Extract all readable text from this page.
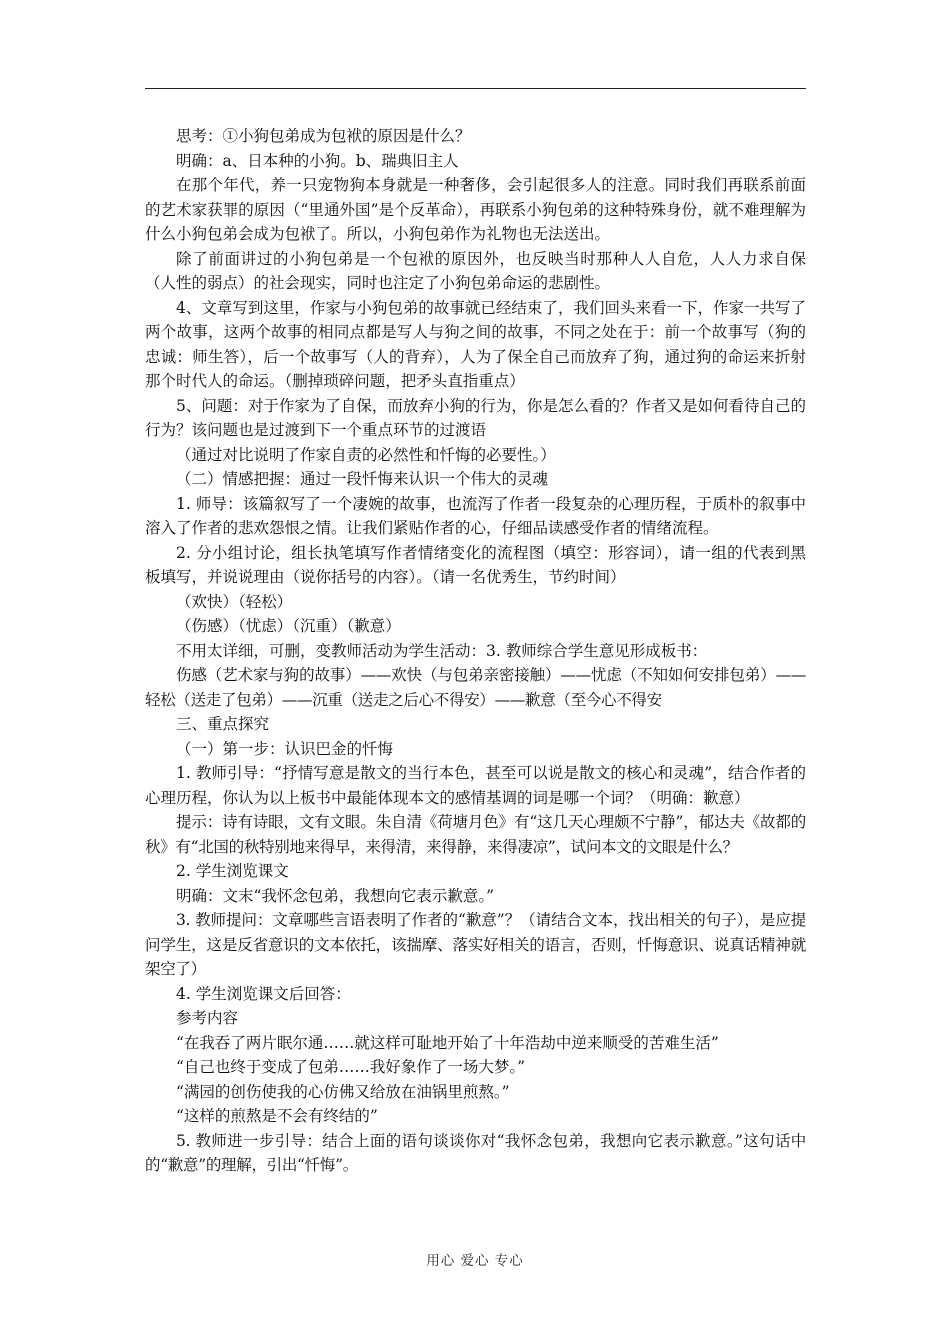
思考：①小狗包弟成为包袱的原因是什么？

明确：a、日本种的小狗。b、瑞典旧主人

在那个年代，养一只宠物狗本身就是一种奢侈，会引起很多人的注意。同时我们再联系前面的艺术家获罪的原因（“里通外国”是个反革命），再联系小狗包弟的这种特殊身份，就不难理解为什么小狗包弟会成为包袱了。所以，小狗包弟作为礼物也无法送出。

除了前面讲过的小狗包弟是一个包袱的原因外，也反映当时那种人人自危，人人力求自保（人性的弱点）的社会现实，同时也注定了小狗包弟命运的悲剧性。

4、文章写到这里，作家与小狗包弟的故事就已经结束了，我们回头来看一下，作家一共写了两个故事，这两个故事的相同点都是写人与狗之间的故事，不同之处在于：前一个故事写（狗的忠诚：师生答），后一个故事写（人的背弃），人为了保全自己而放弃了狗，通过狗的命运来折射那个时代人的命运。（删掉琐碎问题，把矛头直指重点）

5、问题：对于作家为了自保，而放弃小狗的行为，你是怎么看的？作者又是如何看待自己的行为？该问题也是过渡到下一个重点环节的过渡语

（通过对比说明了作家自责的必然性和忏悔的必要性。）

（二）情感把握：通过一段忏悔来认识一个伟大的灵魂

1. 师导：该篇叙写了一个凄婉的故事，也流泻了作者一段复杂的心理历程，于质朴的叙事中溶入了作者的悲欢怨恨之情。让我们紧贴作者的心，仔细品读感受作者的情绪流程。

2. 分小组讨论，组长执笔填写作者情绪变化的流程图（填空：形容词），请一组的代表到黑板填写，并说说理由（说你括号的内容）。（请一名优秀生，节约时间）

（欢快）（轻松）

（伤感）（忧虑）（沉重）（歉意）

不用太详细，可删，变教师活动为学生活动：3. 教师综合学生意见形成板书：

伤感（艺术家与狗的故事）——欢快（与包弟亲密接触）——忧虑（不知如何安排包弟）——轻松（送走了包弟）——沉重（送走之后心不得安）——歉意（至今心不得安

三、重点探究

（一）第一步：认识巴金的忏悔

1. 教师引导：“抒情写意是散文的当行本色，甚至可以说是散文的核心和灵魂”，结合作者的心理历程，你认为以上板书中最能体现本文的感情基调的词是哪一个词？（明确：歉意）

提示：诗有诗眼，文有文眼。朱自清《荷塘月色》有“这几天心理颇不宁静”，郁达夫《故都的秋》有“北国的秋特别地来得早，来得清，来得静，来得凄凉”，试问本文的文眼是什么？

2. 学生浏览课文

明确：文末“我怀念包弟，我想向它表示歉意。”

3. 教师提问：文章哪些言语表明了作者的“歉意”？（请结合文本，找出相关的句子），是应提问学生，这是反省意识的文本依托，该揣摩、落实好相关的语言，否则，忏悔意识、说真话精神就架空了）

4. 学生浏览课文后回答：

参考内容

“在我吞了两片眠尔通……就这样可耻地开始了十年浩劫中逆来顺受的苦难生活”

“自己也终于变成了包弟……我好象作了一场大梦。”

“满园的创伤使我的心仿佛又给放在油锅里煎熬。”

“这样的煎熬是不会有终结的”

5. 教师进一步引导：结合上面的语句谈谈你对“我怀念包弟，我想向它表示歉意。”这句话中的“歉意”的理解，引出“忏悔”。

用心 爱心 专心
